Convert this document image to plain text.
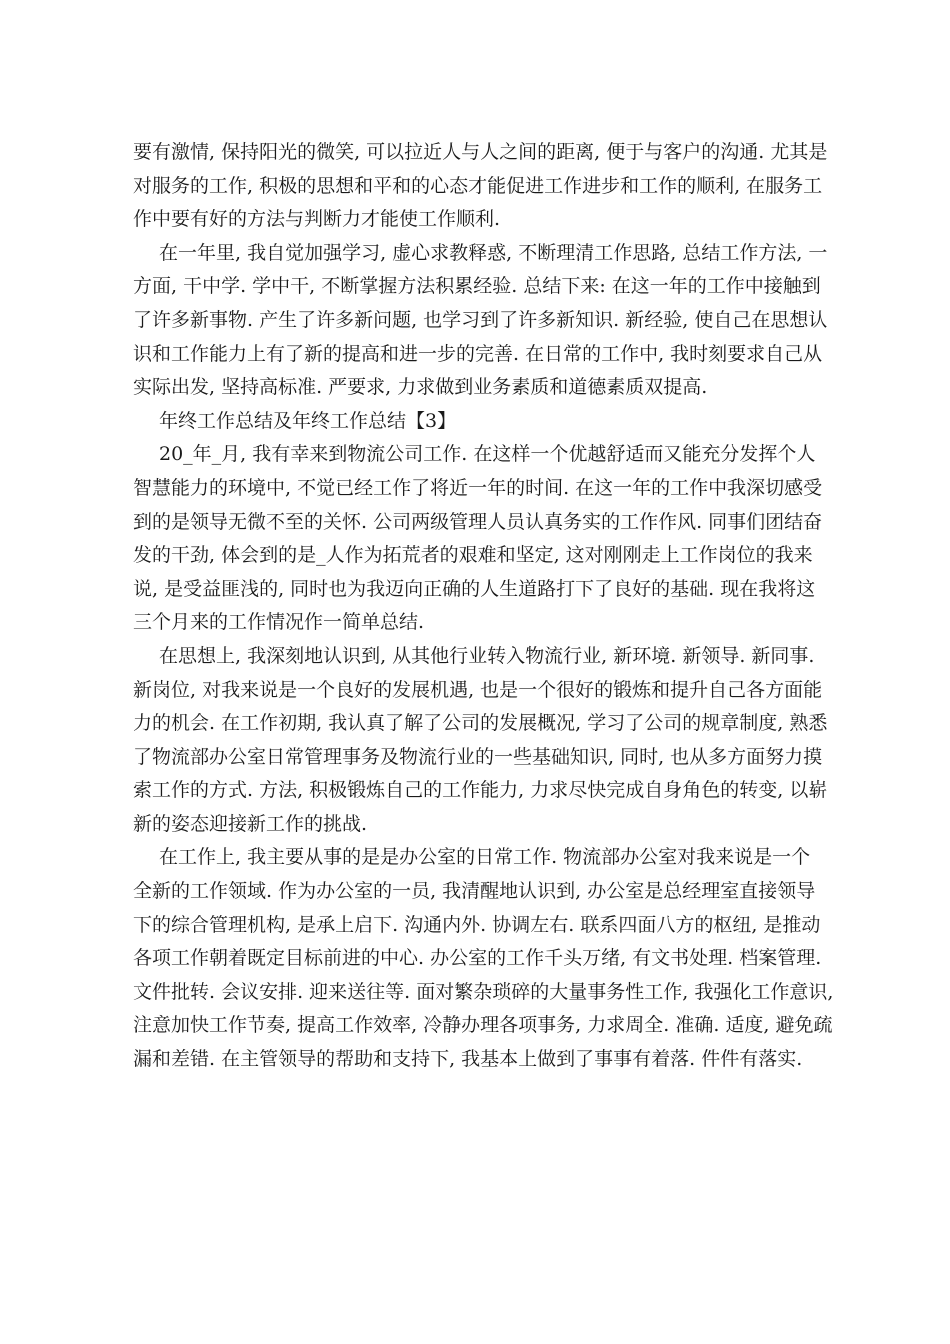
要有激情, 保持阳光的微笑, 可以拉近人与人之间的距离, 便于与客户的沟通. 尤其是
对服务的工作, 积极的思想和平和的心态才能促进工作进步和工作的顺利, 在服务工
作中要有好的方法与判断力才能使工作顺利.
在一年里, 我自觉加强学习, 虚心求教释惑, 不断理清工作思路, 总结工作方法, 一
方面, 干中学. 学中干, 不断掌握方法积累经验. 总结下来: 在这一年的工作中接触到
了许多新事物. 产生了许多新问题, 也学习到了许多新知识. 新经验, 使自己在思想认
识和工作能力上有了新的提高和进一步的完善. 在日常的工作中, 我时刻要求自己从
实际出发, 坚持高标准. 严要求, 力求做到业务素质和道德素质双提高.
年终工作总结及年终工作总结【3】
20_年_月, 我有幸来到物流公司工作. 在这样一个优越舒适而又能充分发挥个人
智慧能力的环境中, 不觉已经工作了将近一年的时间. 在这一年的工作中我深切感受
到的是领导无微不至的关怀. 公司两级管理人员认真务实的工作作风. 同事们团结奋
发的干劲, 体会到的是_人作为拓荒者的艰难和坚定, 这对刚刚走上工作岗位的我来
说, 是受益匪浅的, 同时也为我迈向正确的人生道路打下了良好的基础. 现在我将这
三个月来的工作情况作一简单总结.
在思想上, 我深刻地认识到, 从其他行业转入物流行业, 新环境. 新领导. 新同事.
新岗位, 对我来说是一个良好的发展机遇, 也是一个很好的锻炼和提升自己各方面能
力的机会. 在工作初期, 我认真了解了公司的发展概况, 学习了公司的规章制度, 熟悉
了物流部办公室日常管理事务及物流行业的一些基础知识, 同时, 也从多方面努力摸
索工作的方式. 方法, 积极锻炼自己的工作能力, 力求尽快完成自身角色的转变, 以崭
新的姿态迎接新工作的挑战.
在工作上, 我主要从事的是是办公室的日常工作. 物流部办公室对我来说是一个
全新的工作领域. 作为办公室的一员, 我清醒地认识到, 办公室是总经理室直接领导
下的综合管理机构, 是承上启下. 沟通内外. 协调左右. 联系四面八方的枢纽, 是推动
各项工作朝着既定目标前进的中心. 办公室的工作千头万绪, 有文书处理. 档案管理.
文件批转. 会议安排. 迎来送往等. 面对繁杂琐碎的大量事务性工作, 我强化工作意识,
注意加快工作节奏, 提高工作效率, 冷静办理各项事务, 力求周全. 准确. 适度, 避免疏
漏和差错. 在主管领导的帮助和支持下, 我基本上做到了事事有着落. 件件有落实.
